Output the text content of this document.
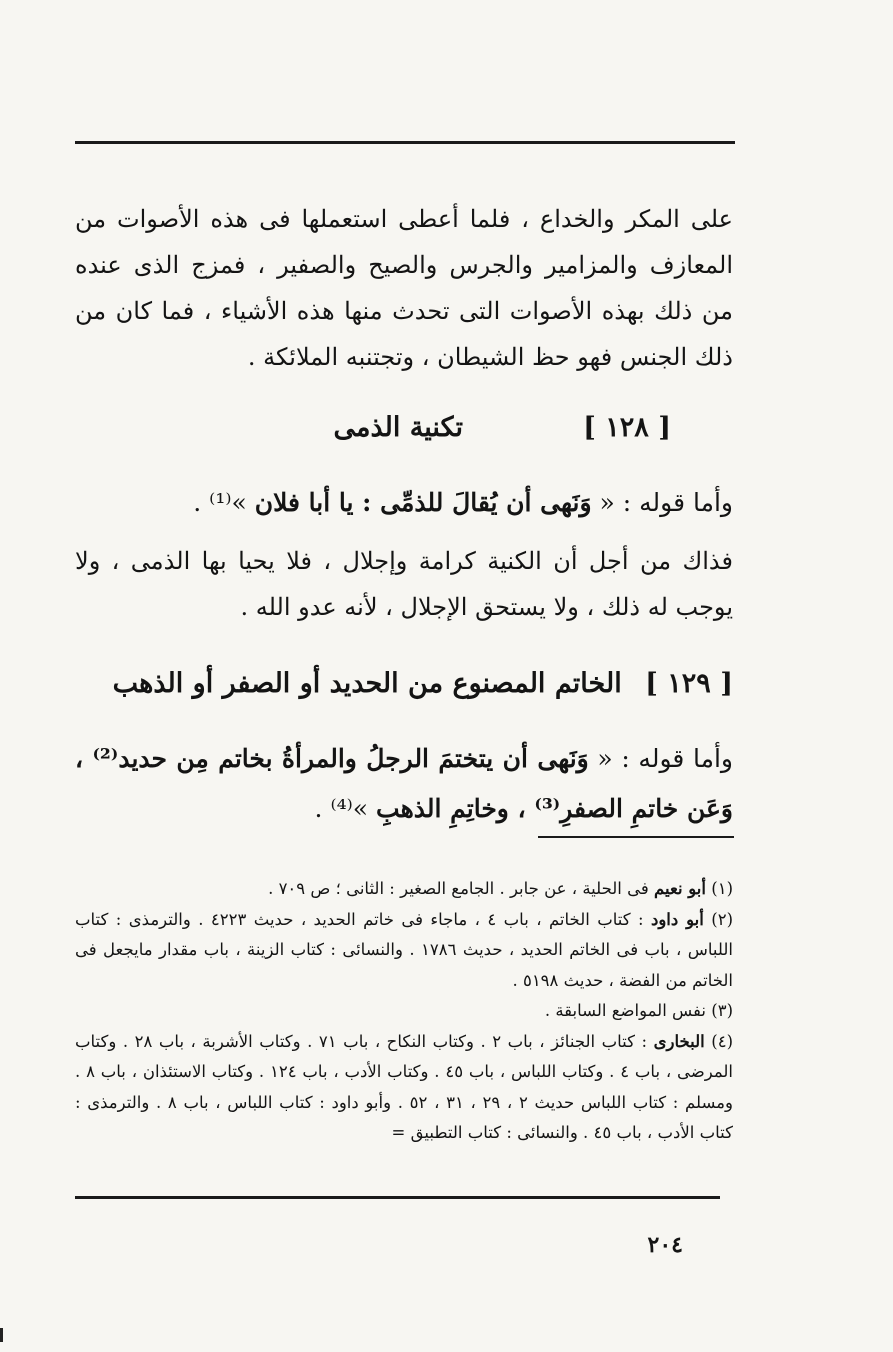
على المكر والخداع ، فلما أعطى استعملها فى هذه الأصوات من المعازف والمزامير والجرس والصيح والصفير ، فمزج الذى عنده من ذلك بهذه الأصوات التى تحدث منها هذه الأشياء ، فما كان من ذلك الجنس فهو حظ الشيطان ، وتجتنبه الملائكة .
[ ١٢٨ ]
تكنية الذمى
وأما قوله : « وَنَهى أن يُقالَ للذمِّى : يا أبا فلان »⁽¹⁾ .
فذاك من أجل أن الكنية كرامة وإجلال ، فلا يحيا بها الذمى ، ولا يوجب له ذلك ، ولا يستحق الإجلال ، لأنه عدو الله .
[ ١٢٩ ] الخاتم المصنوع من الحديد أو الصفر أو الذهب
وأما قوله : « وَنَهى أن يتختمَ الرجلُ والمرأةُ بخاتم مِن حديد⁽²⁾ ، وَعَن خاتمِ الصفرِ⁽³⁾ ، وخاتِمِ الذهبِ »⁽⁴⁾ .

(١) أبو نعيم فى الحلية ، عن جابر . الجامع الصغير : الثانى ؛ ص ٧٠٩ .

(٢) أبو داود : كتاب الخاتم ، باب ٤ ، ماجاء فى خاتم الحديد ، حديث ٤٢٢٣ . والترمذى : كتاب اللباس ، باب فى الخاتم الحديد ، حديث ١٧٨٦ . والنسائى : كتاب الزينة ، باب مقدار مايجعل فى الخاتم من الفضة ، حديث ٥١٩٨ .

(٣) نفس المواضع السابقة .

(٤) البخارى : كتاب الجنائز ، باب ٢ . وكتاب النكاح ، باب ٧١ . وكتاب الأشربة ، باب ٢٨ . وكتاب المرضى ، باب ٤ . وكتاب اللباس ، باب ٤٥ . وكتاب الأدب ، باب ١٢٤ . وكتاب الاستئذان ، باب ٨ . ومسلم : كتاب اللباس حديث ٢ ، ٢٩ ، ٣١ ، ٥٢ . وأبو داود : كتاب اللباس ، باب ٨ . والترمذى : كتاب الأدب ، باب ٤٥ . والنسائى : كتاب التطبيق =

٢٠٤
